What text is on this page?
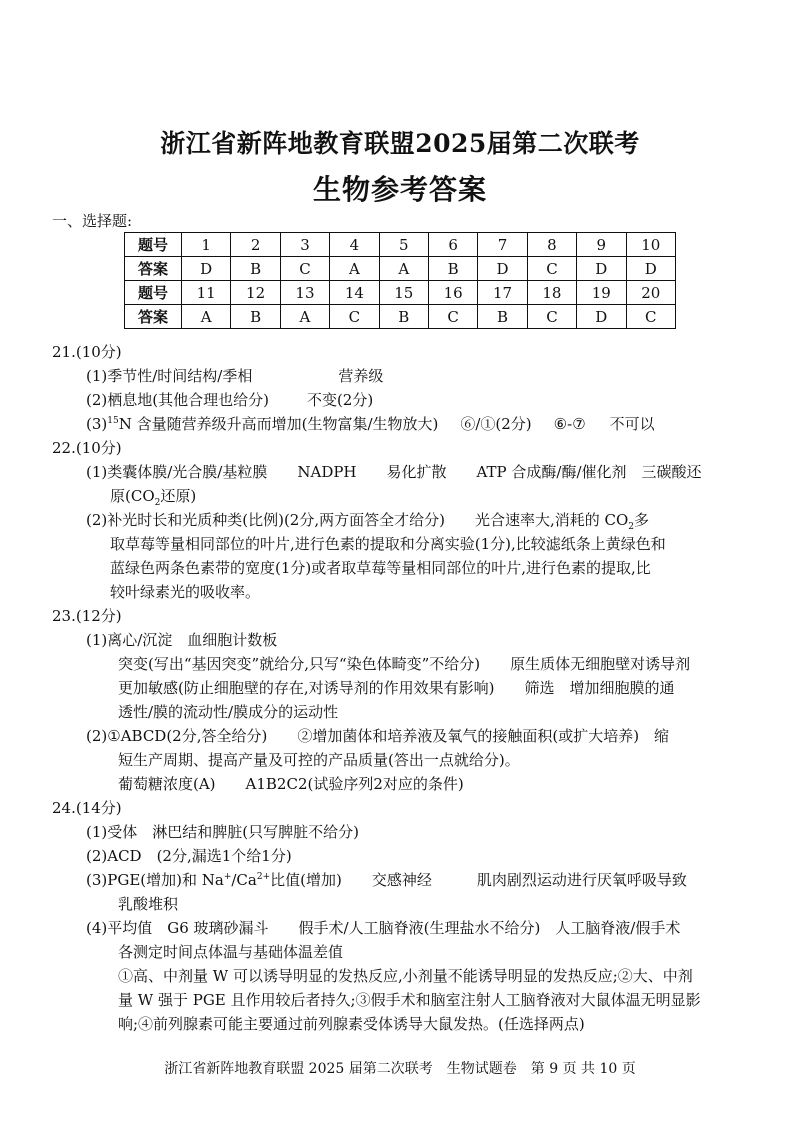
浙江省新阵地教育联盟2025届第二次联考
生物参考答案
一、选择题:
题号	1	2	3	4	5	6	7	8	9	10
答案	D	B	C	A	A	B	D	C	D	D
题号	11	12	13	14	15	16	17	18	19	20
答案	A	B	A	C	B	C	B	C	D	C
21.(10分)
(1)季节性/时间结构/季相	营养级
(2)栖息地(其他合理也给分)	不变(2分)
$(3)^{15}N$ 含量随营养级升高而增加(生物富集/生物放大) ⑥/①(2分) ⑥-⑦ 不可以
22.(10分)
(1)类囊体膜/光合膜/基粒膜　　NADPH　　易化扩散　　ATP 合成酶/酶/催化剂　三碳酸还
原($CO_2$还原)
(2)补光时长和光质种类(比例)(2分,两方面答全才给分)　　光合速率大,消耗的 $CO_2$多
取草莓等量相同部位的叶片,进行色素的提取和分离实验(1分),比较滤纸条上黄绿色和
蓝绿色两条色素带的宽度(1分)或者取草莓等量相同部位的叶片,进行色素的提取,比
较叶绿素光的吸收率。
23.(12分)
(1)离心/沉淀　血细胞计数板
突变(写出“基因突变”就给分,只写“染色体畸变”不给分)　　原生质体无细胞壁对诱导剂
更加敏感(防止细胞壁的存在,对诱导剂的作用效果有影响)　　筛选　增加细胞膜的通
透性/膜的流动性/膜成分的运动性
(2)①ABCD(2分,答全给分)　　②增加菌体和培养液及氧气的接触面积(或扩大培养)　缩
短生产周期、提高产量及可控的产品质量(答出一点就给分)。
葡萄糖浓度(A)　　A1B2C2(试验序列2对应的条件)
24.(14分)
(1)受体　淋巴结和脾脏(只写脾脏不给分)
(2)ACD　(2分,漏选1个给1分)
(3)PGE(增加)和 $Na^+/Ca^{2+}$比值(增加)　　交感神经　　　肌肉剧烈运动进行厌氧呼吸导致
乳酸堆积
(4)平均值　G6 玻璃砂漏斗　　假手术/人工脑脊液(生理盐水不给分)　人工脑脊液/假手术
各测定时间点体温与基础体温差值
①高、中剂量 W 可以诱导明显的发热反应,小剂量不能诱导明显的发热反应;②大、中剂
量 W 强于 PGE 且作用较后者持久;③假手术和脑室注射人工脑脊液对大鼠体温无明显影
响;④前列腺素可能主要通过前列腺素受体诱导大鼠发热。(任选择两点)
浙江省新阵地教育联盟 2025 届第二次联考　生物试题卷　第 9 页 共 10 页
